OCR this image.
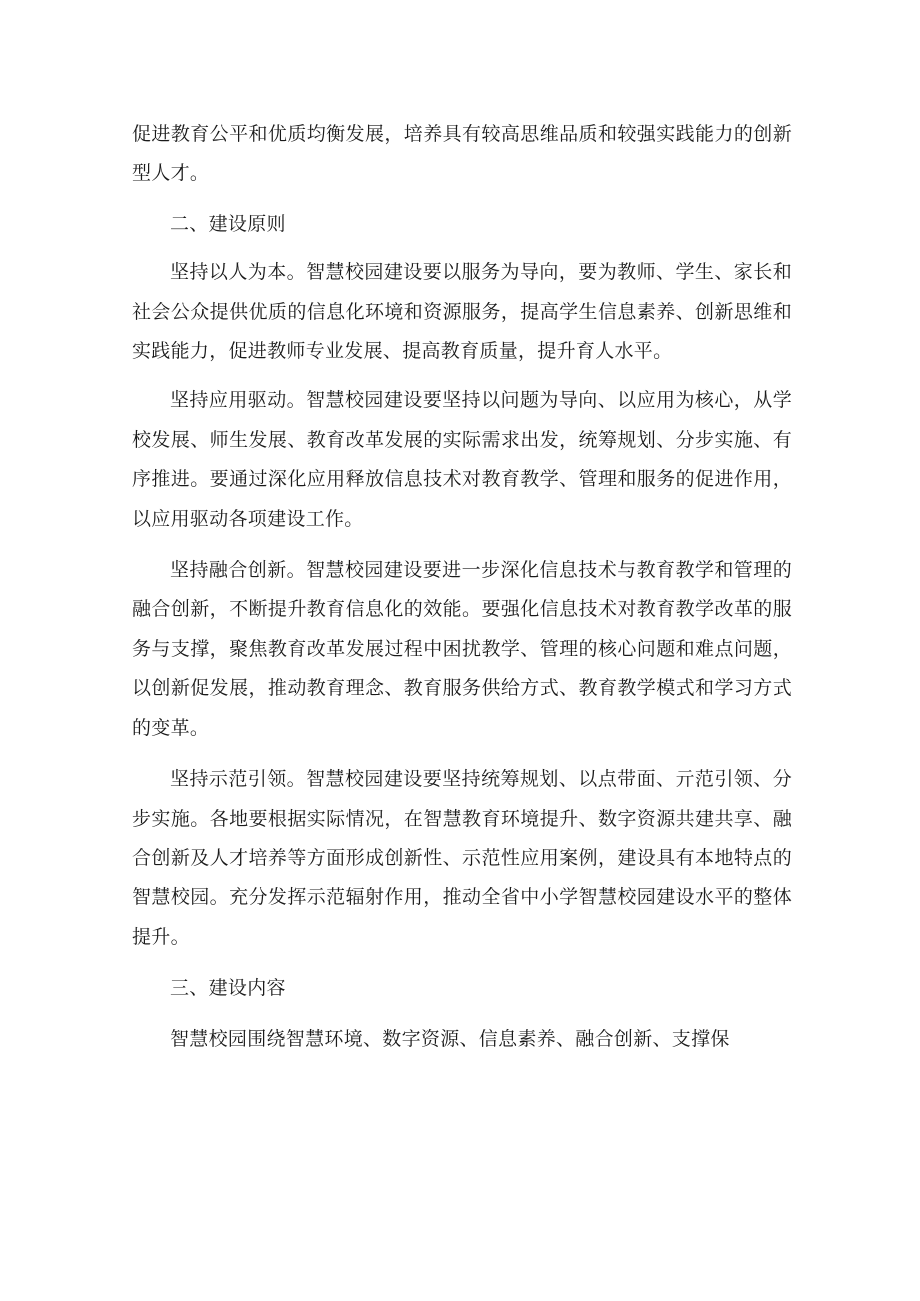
促进教育公平和优质均衡发展，培养具有较高思维品质和较强实践能力的创新型人才。

二、建设原则

坚持以人为本。智慧校园建设要以服务为导向，要为教师、学生、家长和社会公众提供优质的信息化环境和资源服务，提高学生信息素养、创新思维和实践能力，促进教师专业发展、提高教育质量，提升育人水平。

坚持应用驱动。智慧校园建设要坚持以问题为导向、以应用为核心，从学校发展、师生发展、教育改革发展的实际需求出发，统筹规划、分步实施、有序推进。要通过深化应用释放信息技术对教育教学、管理和服务的促进作用，以应用驱动各项建设工作。

坚持融合创新。智慧校园建设要进一步深化信息技术与教育教学和管理的融合创新，不断提升教育信息化的效能。要强化信息技术对教育教学改革的服务与支撑，聚焦教育改革发展过程中困扰教学、管理的核心问题和难点问题，以创新促发展，推动教育理念、教育服务供给方式、教育教学模式和学习方式的变革。

坚持示范引领。智慧校园建设要坚持统筹规划、以点带面、亓范引领、分步实施。各地要根据实际情况，在智慧教育环境提升、数字资源共建共享、融合创新及人才培养等方面形成创新性、示范性应用案例，建设具有本地特点的智慧校园。充分发挥示范辐射作用，推动全省中小学智慧校园建设水平的整体提升。

三、建设内容

智慧校园围绕智慧环境、数字资源、信息素养、融合创新、支撑保
